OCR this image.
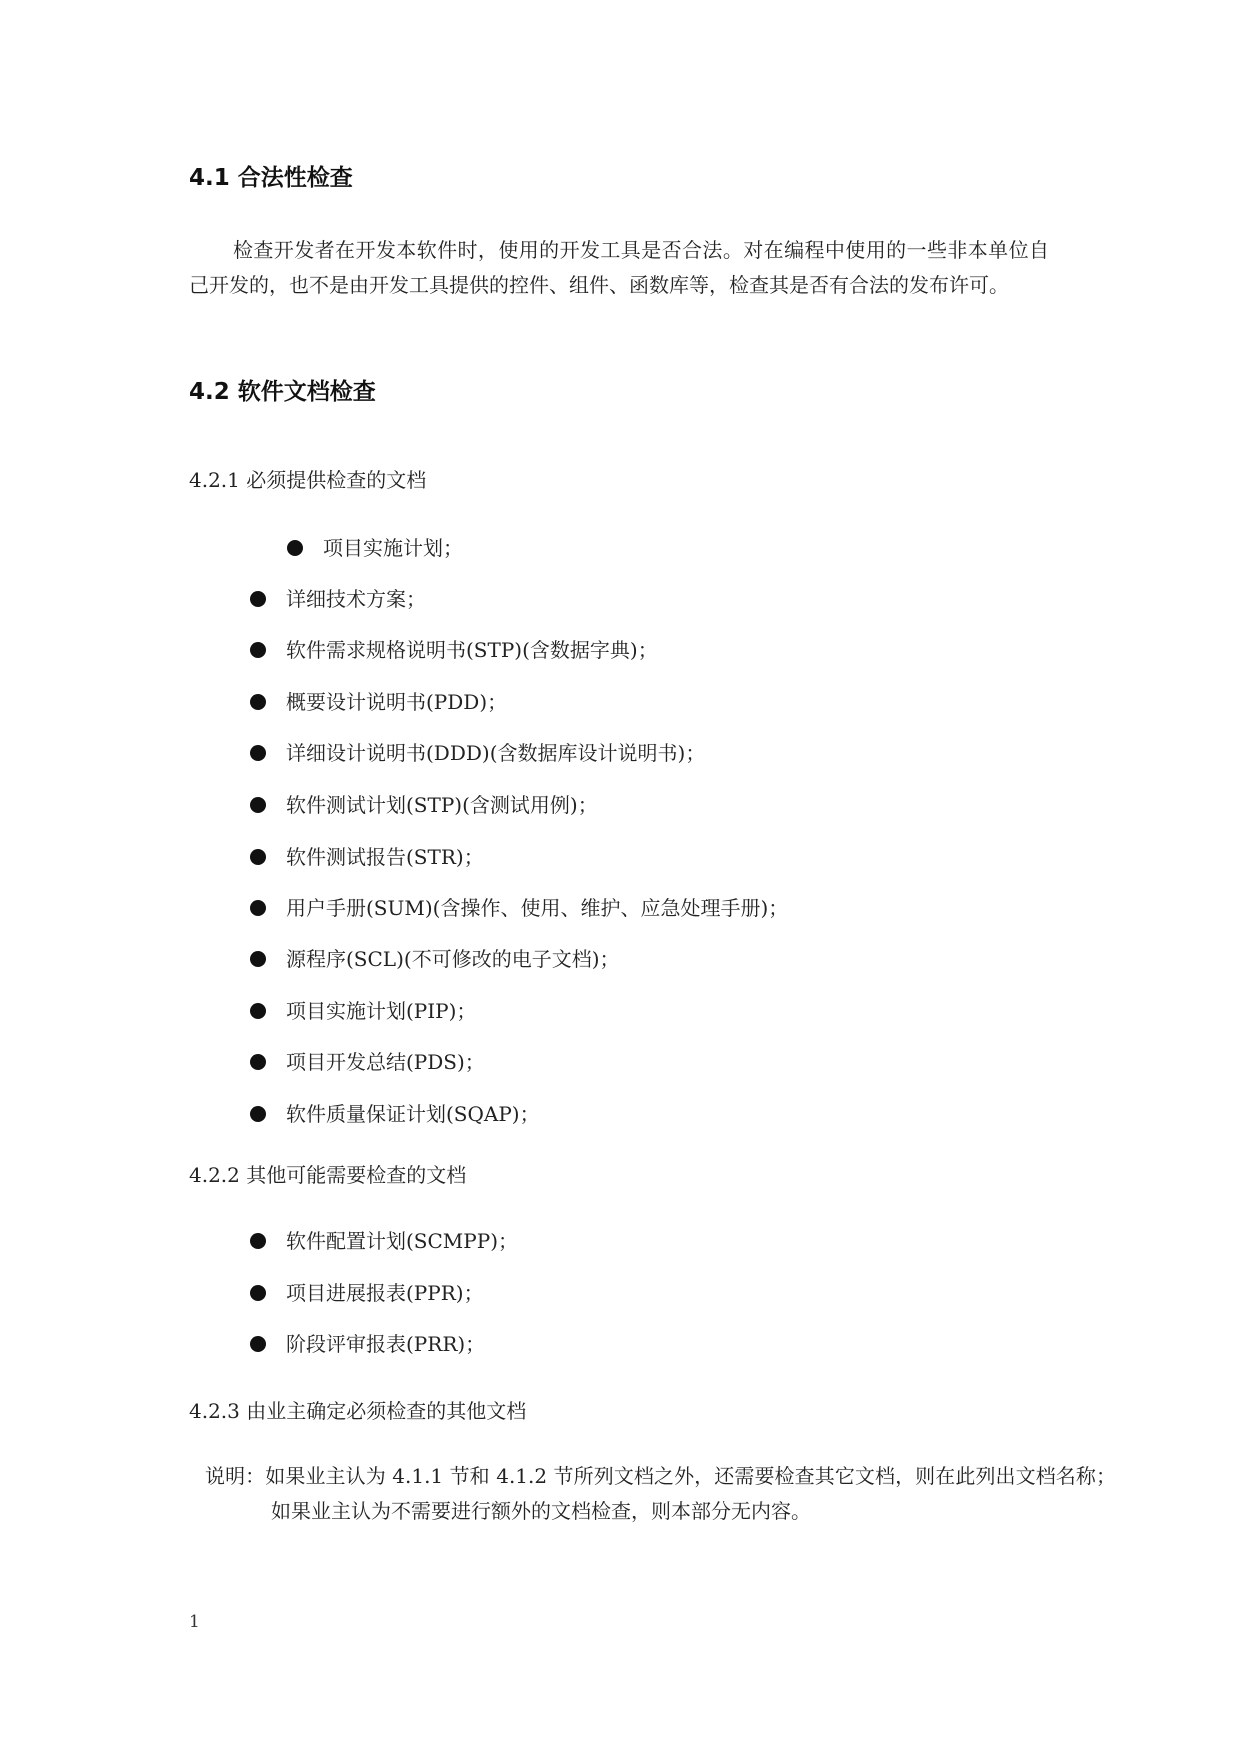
4.1 合法性检查
检查开发者在开发本软件时，使用的开发工具是否合法。对在编程中使用的一些非本单位自己开发的，也不是由开发工具提供的控件、组件、函数库等，检查其是否有合法的发布许可。
4.2 软件文档检查
4.2.1 必须提供检查的文档
项目实施计划；
详细技术方案；
软件需求规格说明书(STP)(含数据字典)；
概要设计说明书(PDD)；
详细设计说明书(DDD)(含数据库设计说明书)；
软件测试计划(STP)(含测试用例)；
软件测试报告(STR)；
用户手册(SUM)(含操作、使用、维护、应急处理手册)；
源程序(SCL)(不可修改的电子文档)；
项目实施计划(PIP)；
项目开发总结(PDS)；
软件质量保证计划(SQAP)；
4.2.2 其他可能需要检查的文档
软件配置计划(SCMPP)；
项目进展报表(PPR)；
阶段评审报表(PRR)；
4.2.3 由业主确定必须检查的其他文档
说明：如果业主认为 4.1.1 节和 4.1.2 节所列文档之外，还需要检查其它文档，则在此列出文档名称；如果业主认为不需要进行额外的文档检查，则本部分无内容。
1
